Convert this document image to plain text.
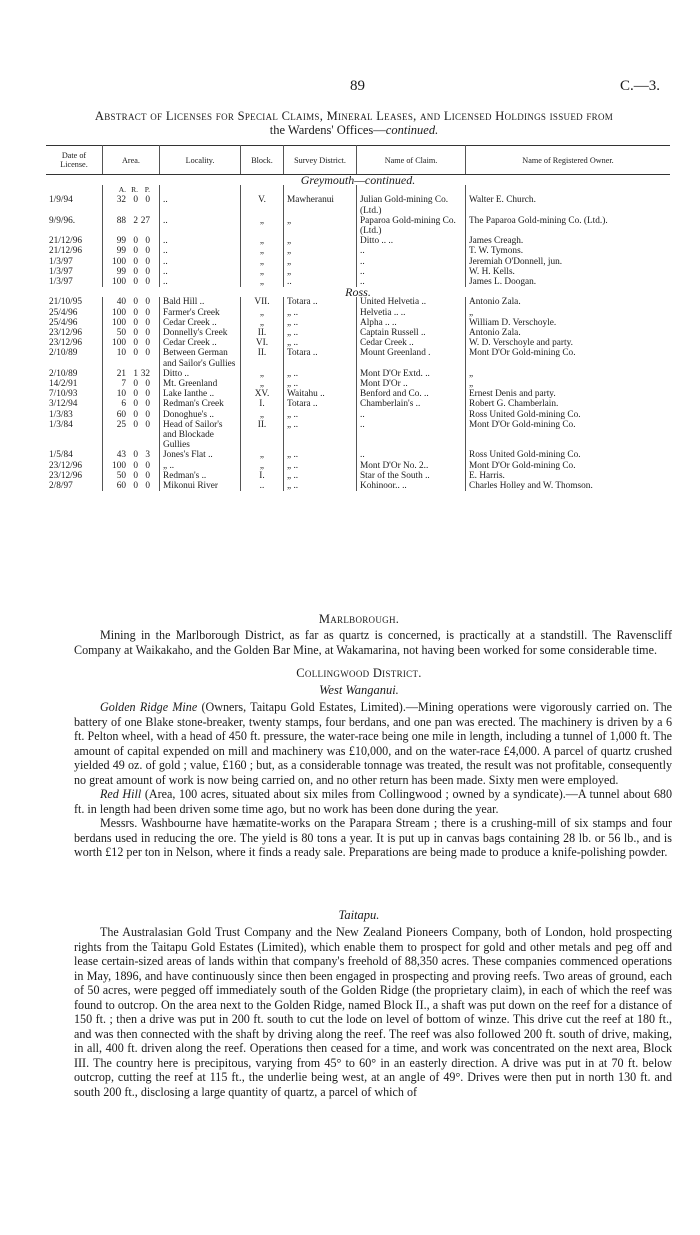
89	C.—3.
Abstract of Licenses for Special Claims, Mineral Leases, and Licensed Holdings issued from
the Wardens' Offices—continued.
Date of License.	Area.	Locality.	Block.	Survey District.	Name of Claim.	Name of Registered Owner.
Greymouth—continued.						
	A. R. P.					
1/9/94	32 0 0	..	V.	Mawheranui	Julian Gold-mining Co. (Ltd.)	Walter E. Church.
9/9/96.	88 2 27	..	„	„	Paparoa Gold-mining Co. (Ltd.)	The Paparoa Gold-mining Co. (Ltd.).
21/12/96	99 0 0	..	„	„	Ditto .. ..	James Creagh.
21/12/96	99 0 0	..	„	„	..	T. W. Tymons.
1/3/97	100 0 0	..	„	„	..	Jeremiah O'Donnell, jun.
1/3/97	99 0 0	..	„	„	..	W. H. Kells.
1/3/97	100 0 0	..	„	..	..	James L. Doogan.
Ross.						
21/10/95	40 0 0	Bald Hill ..	VII.	Totara ..	United Helvetia ..	Antonio Zala.
25/4/96	100 0 0	Farmer's Creek	„	„ ..	Helvetia .. ..	„
25/4/96	100 0 0	Cedar Creek ..	„	„ ..	Alpha .. ..	William D. Verschoyle.
23/12/96	50 0 0	Donnelly's Creek	II.	„ ..	Captain Russell ..	Antonio Zala.
23/12/96	100 0 0	Cedar Creek ..	VI.	„ ..	Cedar Creek ..	W. D. Verschoyle and party.
2/10/89	10 0 0	Between German and Sailor's Gullies	II.	Totara ..	Mount Greenland .	Mont D'Or Gold-mining Co.
2/10/89	21 1 32	Ditto ..	„	„ ..	Mont D'Or Extd. ..	„
14/2/91	7 0 0	Mt. Greenland	„	„ ..	Mont D'Or ..	„
7/10/93	10 0 0	Lake Ianthe ..	XV.	Waitahu ..	Benford and Co. ..	Ernest Denis and party.
3/12/94	6 0 0	Redman's Creek	I.	Totara ..	Chamberlain's ..	Robert G. Chamberlain.
1/3/83	60 0 0	Donoghue's ..	„	„ ..	..	Ross United Gold-mining Co.
1/3/84	25 0 0	Head of Sailor's and Blockade Gullies	II.	„ ..	..	Mont D'Or Gold-mining Co.
1/5/84	43 0 3	Jones's Flat ..	„	„ ..	..	Ross United Gold-mining Co.
23/12/96	100 0 0	„ ..	„	„ ..	Mont D'Or No. 2..	Mont D'Or Gold-mining Co.
23/12/96	50 0 0	Redman's ..	I.	„ ..	Star of the South ..	E. Harris.
2/8/97	60 0 0	Mikonui River	..	„ ..	Kohinoor.. ..	Charles Holley and W. Thomson.
Marlborough.

Mining in the Marlborough District, as far as quartz is concerned, is practically at a standstill. The Ravenscliff Company at Waikakaho, and the Golden Bar Mine, at Wakamarina, not having been worked for some considerable time.

Collingwood District.
West Wanganui.

Golden Ridge Mine (Owners, Taitapu Gold Estates, Limited).—Mining operations were vigorously carried on. The battery of one Blake stone-breaker, twenty stamps, four berdans, and one pan was erected. The machinery is driven by a 6 ft. Pelton wheel, with a head of 450 ft. pressure, the water-race being one mile in length, including a tunnel of 1,000 ft. The amount of capital expended on mill and machinery was £10,000, and on the water-race £4,000. A parcel of quartz crushed yielded 49 oz. of gold ; value, £160 ; but, as a considerable tonnage was treated, the result was not profitable, consequently no great amount of work is now being carried on, and no other return has been made. Sixty men were employed.

Red Hill (Area, 100 acres, situated about six miles from Collingwood ; owned by a syndicate).—A tunnel about 680 ft. in length had been driven some time ago, but no work has been done during the year.

Messrs. Washbourne have hæmatite-works on the Parapara Stream ; there is a crushing-mill of six stamps and four berdans used in reducing the ore. The yield is 80 tons a year. It is put up in canvas bags containing 28 lb. or 56 lb., and is worth £12 per ton in Nelson, where it finds a ready sale. Preparations are being made to produce a knife-polishing powder.

Taitapu.

The Australasian Gold Trust Company and the New Zealand Pioneers Company, both of London, hold prospecting rights from the Taitapu Gold Estates (Limited), which enable them to prospect for gold and other metals and peg off and lease certain-sized areas of lands within that company's freehold of 88,350 acres. These companies commenced operations in May, 1896, and have continuously since then been engaged in prospecting and proving reefs. Two areas of ground, each of 50 acres, were pegged off immediately south of the Golden Ridge (the proprietary claim), in each of which the reef was found to outcrop. On the area next to the Golden Ridge, named Block II., a shaft was put down on the reef for a distance of 150 ft. ; then a drive was put in 200 ft. south to cut the lode on level of bottom of winze. This drive cut the reef at 180 ft., and was then connected with the shaft by driving along the reef. The reef was also followed 200 ft. south of drive, making, in all, 400 ft. driven along the reef. Operations then ceased for a time, and work was concentrated on the next area, Block III. The country here is precipitous, varying from 45° to 60° in an easterly direction. A drive was put in at 70 ft. below outcrop, cutting the reef at 115 ft., the underlie being west, at an angle of 49°. Drives were then put in north 130 ft. and south 200 ft., disclosing a large quantity of quartz, a parcel of which of
